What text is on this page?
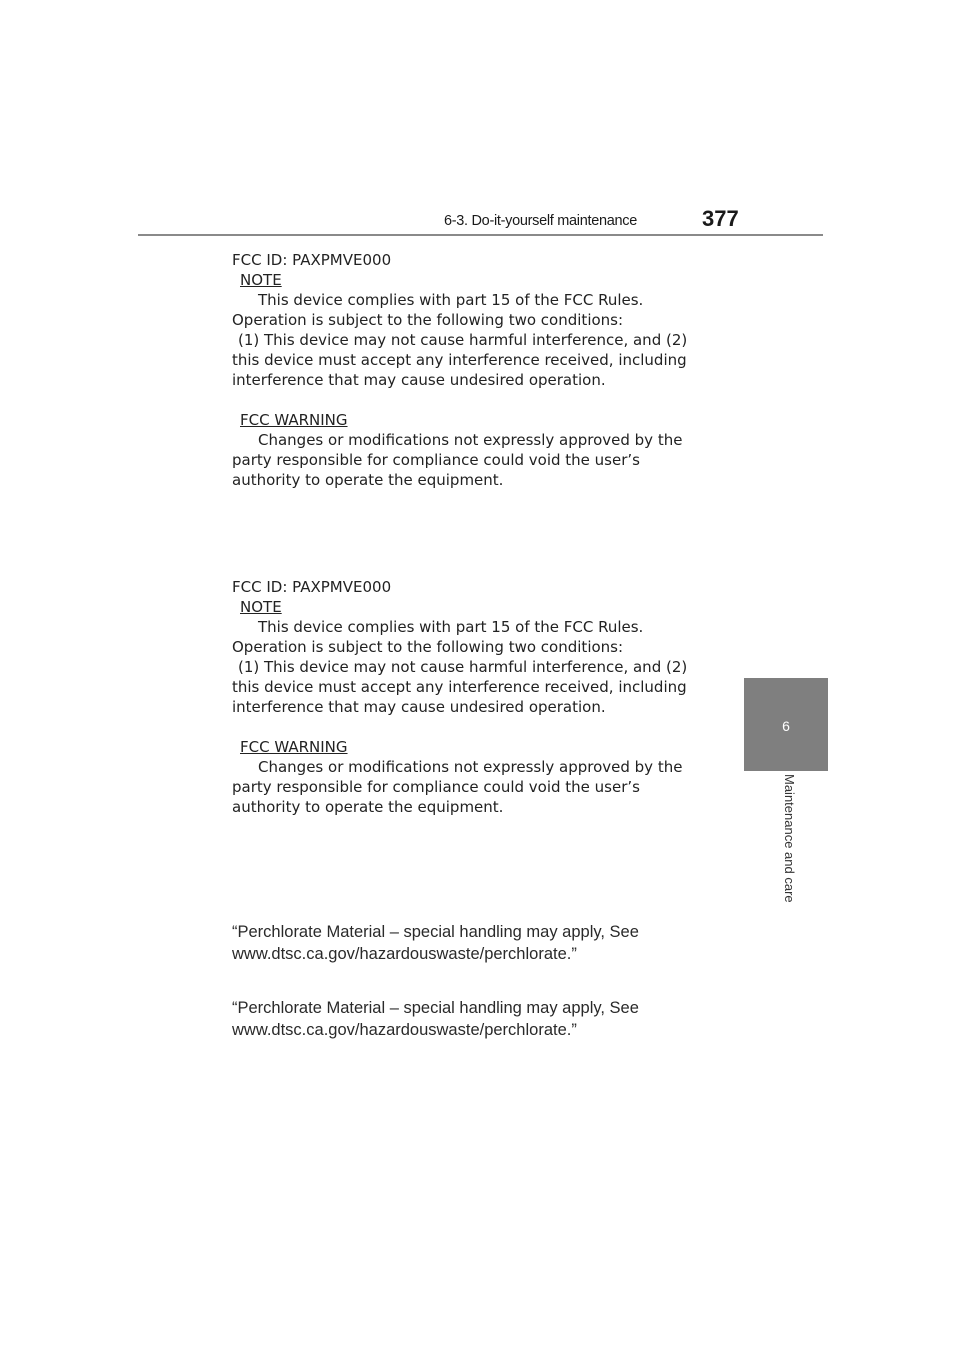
6-3. Do-it-yourself maintenance	377
6
Maintenance and care
FCC ID: PAXPMVE000
NOTE
This device complies with part 15 of the FCC Rules.
Operation is subject to the following two conditions:
(1) This device may not cause harmful interference, and (2)
this device must accept any interference received, including
interference that may cause undesired operation.
FCC WARNING
Changes or modifications not expressly approved by the
party responsible for compliance could void the user’s
authority to operate the equipment.
FCC ID: PAXPMVE000
NOTE
This device complies with part 15 of the FCC Rules.
Operation is subject to the following two conditions:
(1) This device may not cause harmful interference, and (2)
this device must accept any interference received, including
interference that may cause undesired operation.
FCC WARNING
Changes or modifications not expressly approved by the
party responsible for compliance could void the user’s
authority to operate the equipment.
“Perchlorate Material – special handling may apply, See
www.dtsc.ca.gov/hazardouswaste/perchlorate.”
“Perchlorate Material – special handling may apply, See
www.dtsc.ca.gov/hazardouswaste/perchlorate.”
